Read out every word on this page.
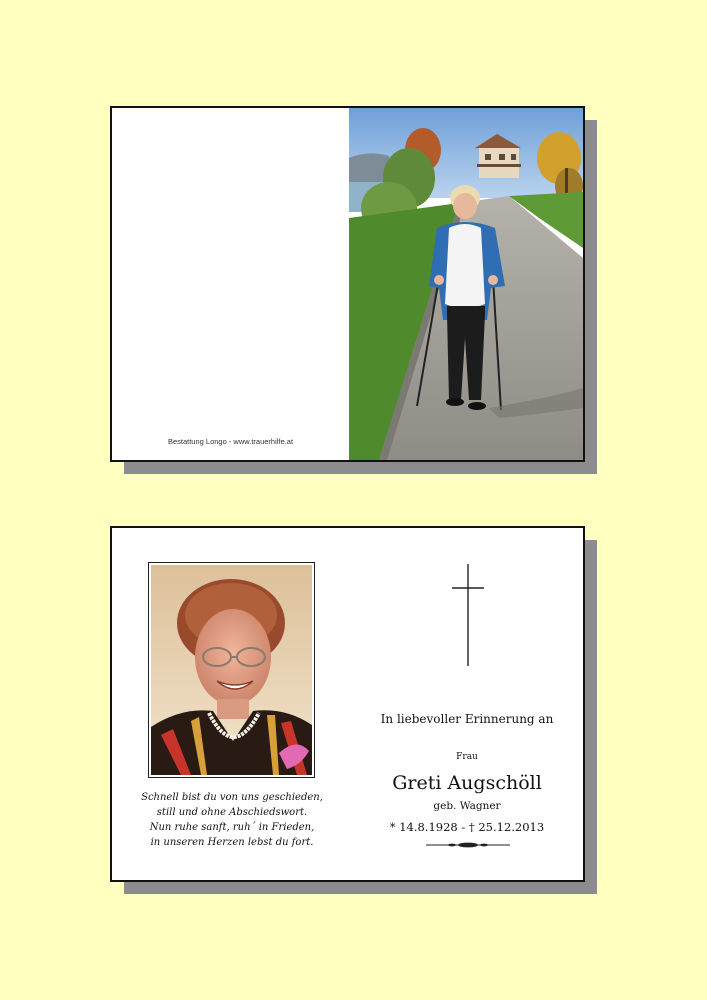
Bestattung Longo - www.trauerhilfe.at
Schnell bist du von uns geschieden,
still und ohne Abschiedswort.
Nun ruhe sanft, ruh´ in Frieden,
in unseren Herzen lebst du fort.
In liebevoller Erinnerung an
Frau
Greti Augschöll
geb. Wagner
* 14.8.1928 - † 25.12.2013
